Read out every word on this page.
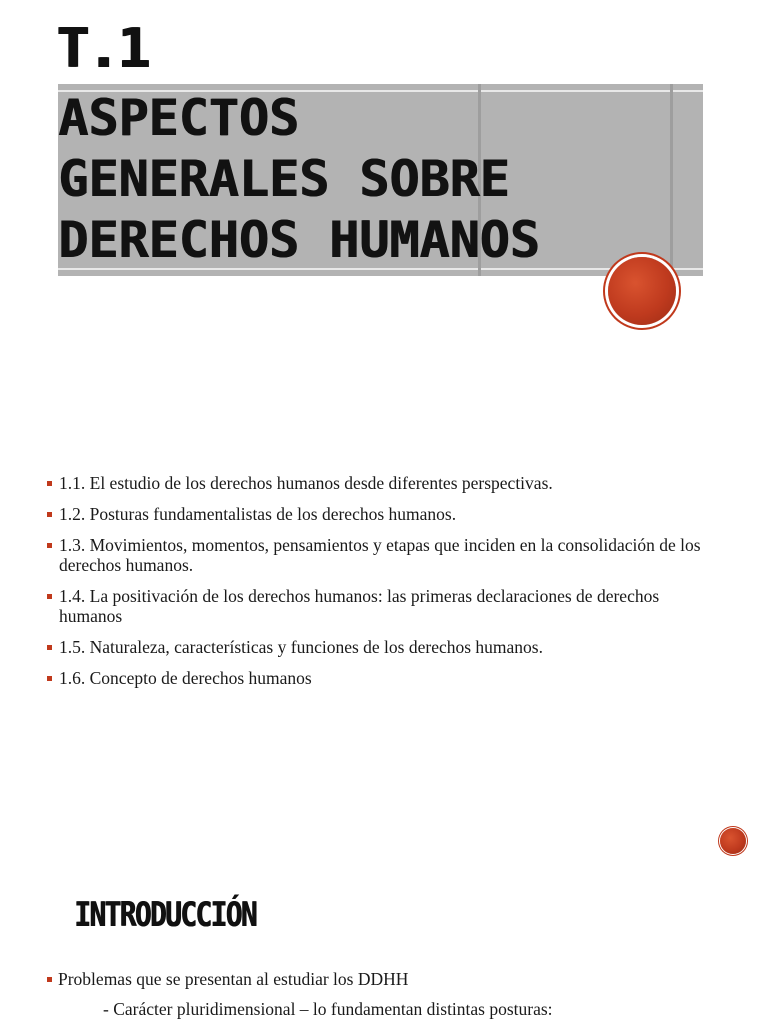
T.1
ASPECTOS
GENERALES SOBRE
DERECHOS HUMANOS
1.1. El estudio de los derechos humanos desde diferentes perspectivas.
1.2. Posturas fundamentalistas de los derechos humanos.
1.3. Movimientos, momentos, pensamientos y etapas que inciden en la consolidación de los derechos humanos.
1.4. La positivación de los derechos humanos: las primeras declaraciones de derechos humanos
1.5. Naturaleza, características y funciones de los derechos humanos.
1.6. Concepto de derechos humanos
INTRODUCCIÓN
Problemas que se presentan al estudiar los DDHH
- Carácter pluridimensional – lo fundamentan distintas posturas:
